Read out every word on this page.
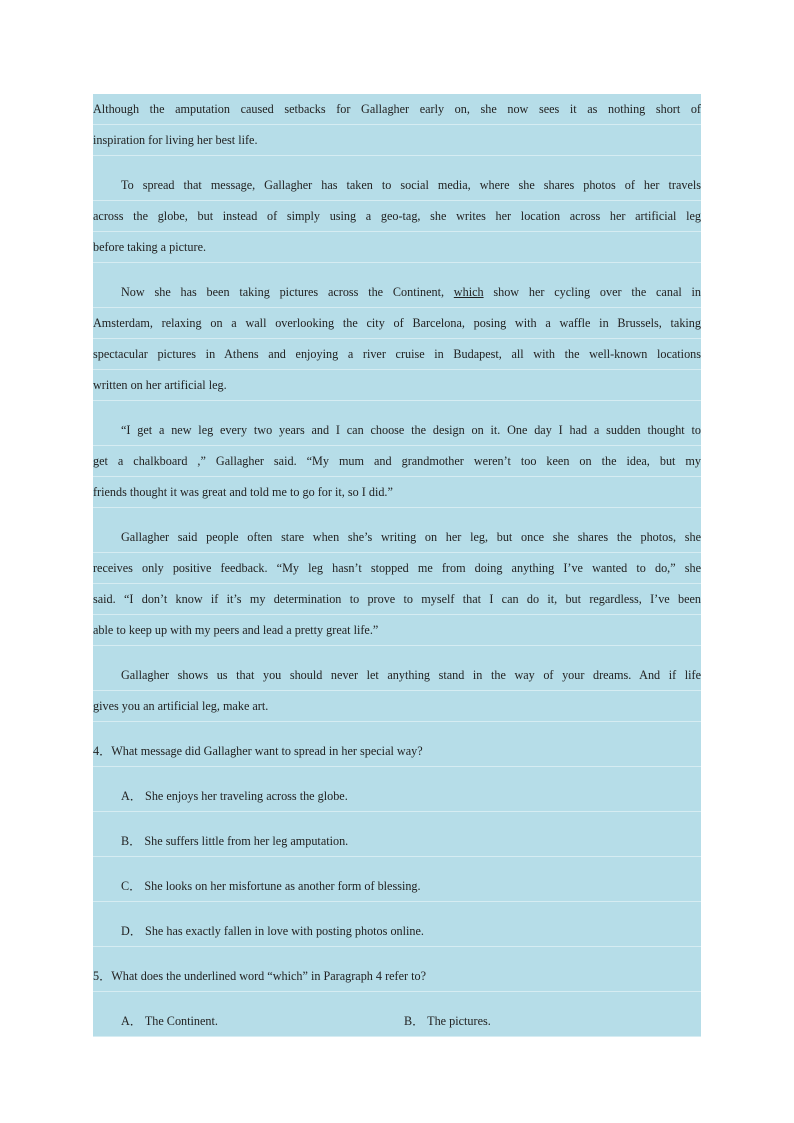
Although the amputation caused setbacks for Gallagher early on, she now sees it as nothing short of
inspiration for living her best life.
To spread that message, Gallagher has taken to social media, where she shares photos of her travels
across the globe, but instead of simply using a geo-tag, she writes her location across her artificial leg
before taking a picture.
Now she has been taking pictures across the Continent, which show her cycling over the canal in
Amsterdam, relaxing on a wall overlooking the city of Barcelona, posing with a waffle in Brussels, taking
spectacular pictures in Athens and enjoying a river cruise in Budapest, all with the well-known locations
written on her artificial leg.
“I get a new leg every two years and I can choose the design on it. One day I had a sudden thought to
get a chalkboard ,” Gallagher said. “My mum and grandmother weren’t too keen on the idea, but my
friends thought it was great and told me to go for it, so I did.”
Gallagher said people often stare when she’s writing on her leg, but once she shares the photos, she
receives only positive feedback. “My leg hasn’t stopped me from doing anything I’ve wanted to do,” she
said. “I don’t know if it’s my determination to prove to myself that I can do it, but regardless, I’ve been
able to keep up with my peers and lead a pretty great life.”
Gallagher shows us that you should never let anything stand in the way of your dreams. And if life
gives you an artificial leg, make art.
4．What message did Gallagher want to spread in her special way?
A． She enjoys her traveling across the globe.
B． She suffers little from her leg amputation.
C． She looks on her misfortune as another form of blessing.
D． She has exactly fallen in love with posting photos online.
5．What does the underlined word “which” in Paragraph 4 refer to?
A． The Continent.	B． The pictures.
